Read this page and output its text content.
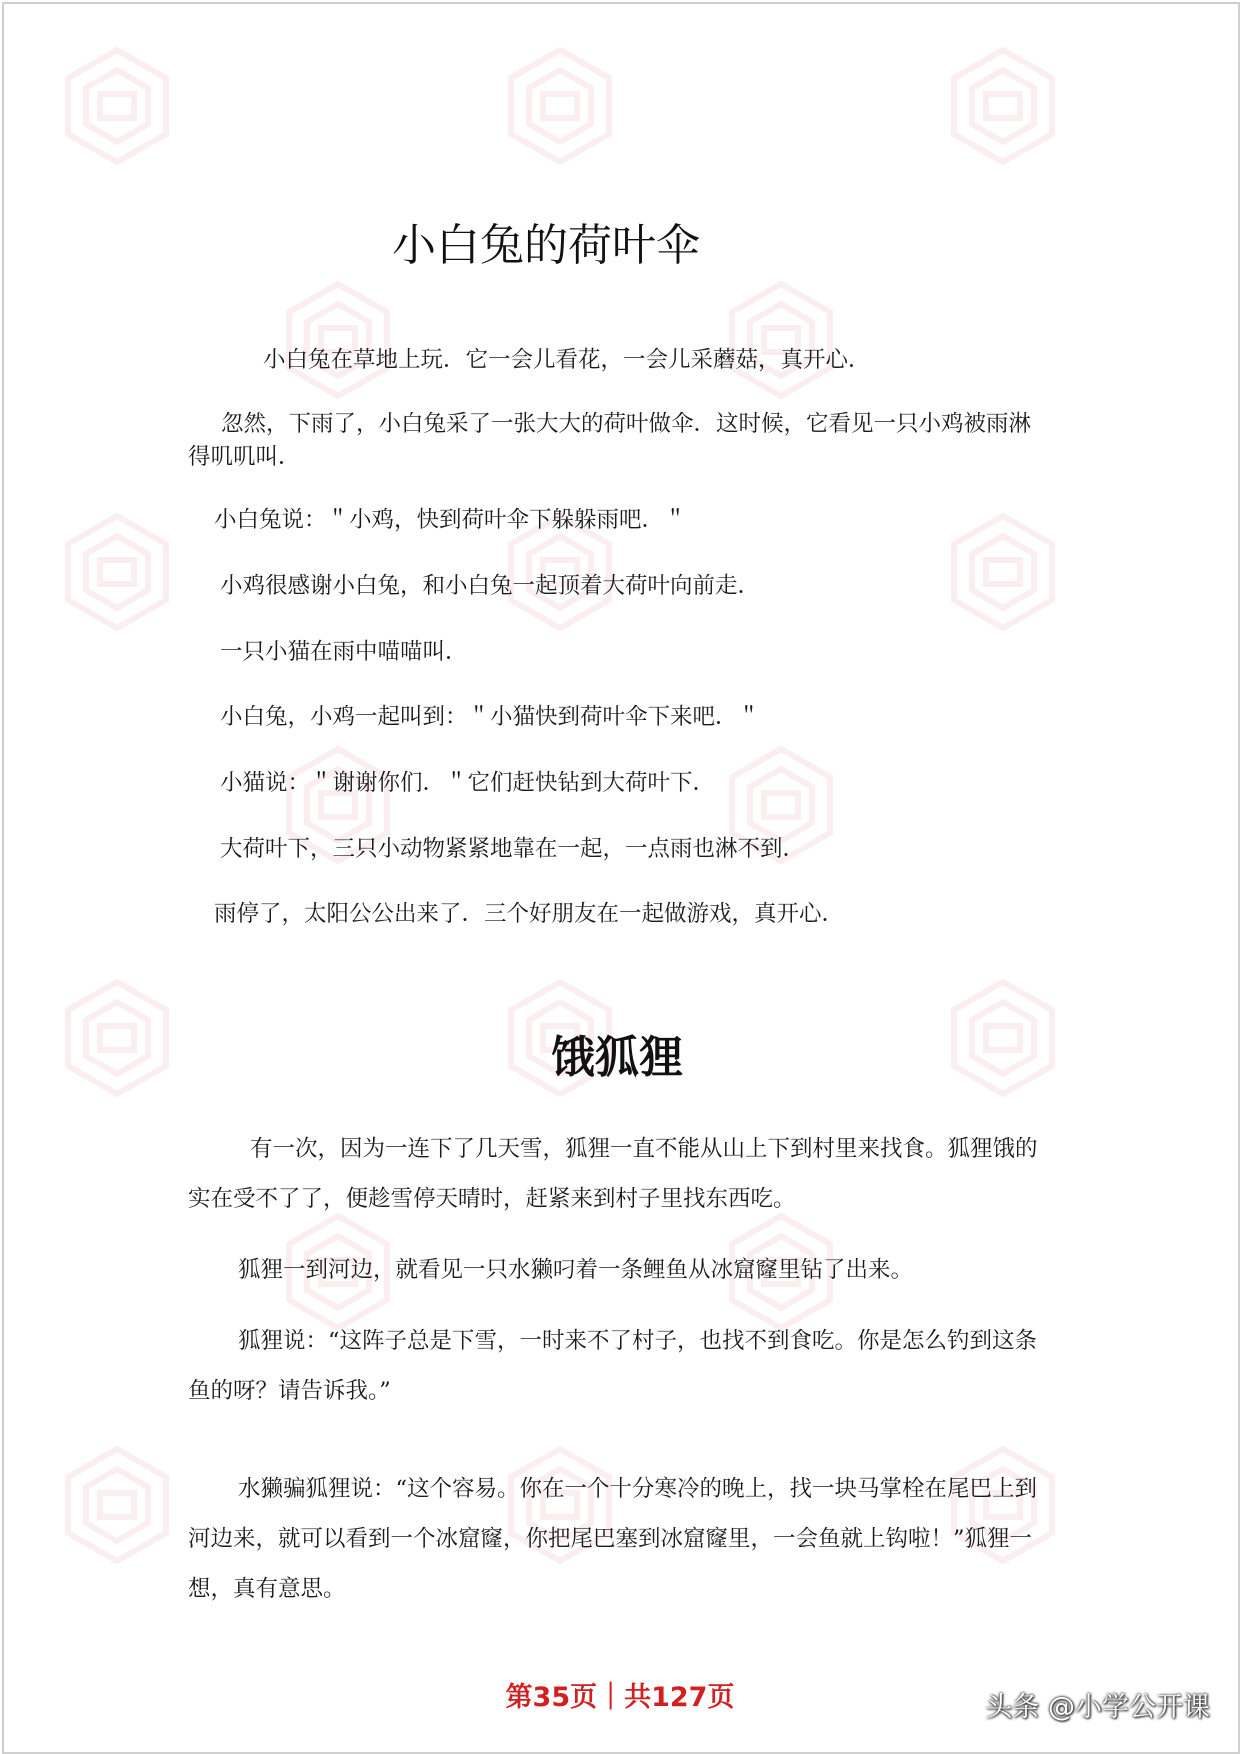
小白兔的荷叶伞

小白兔在草地上玩．它一会儿看花，一会儿采蘑菇，真开心．

忽然，下雨了，小白兔采了一张大大的荷叶做伞．这时候，它看见一只小鸡被雨淋得叽叽叫．

小白兔说：＂小鸡，快到荷叶伞下躲躲雨吧．＂

小鸡很感谢小白兔，和小白兔一起顶着大荷叶向前走．

一只小猫在雨中喵喵叫．

小白兔，小鸡一起叫到：＂小猫快到荷叶伞下来吧．＂

小猫说：＂谢谢你们．＂它们赶快钻到大荷叶下．

大荷叶下，三只小动物紧紧地靠在一起，一点雨也淋不到．

雨停了，太阳公公出来了．三个好朋友在一起做游戏，真开心．

饿狐狸

有一次，因为一连下了几天雪，狐狸一直不能从山上下到村里来找食。狐狸饿的实在受不了了，便趁雪停天晴时，赶紧来到村子里找东西吃。

狐狸一到河边，就看见一只水獭叼着一条鲤鱼从冰窟窿里钻了出来。

狐狸说：“这阵子总是下雪，一时来不了村子，也找不到食吃。你是怎么钓到这条鱼的呀？请告诉我。”

水獭骗狐狸说：“这个容易。你在一个十分寒冷的晚上，找一块马掌栓在尾巴上到河边来，就可以看到一个冰窟窿，你把尾巴塞到冰窟窿里，一会鱼就上钩啦！”狐狸一想，真有意思。

第35页｜共127页	头条 @小学公开课
